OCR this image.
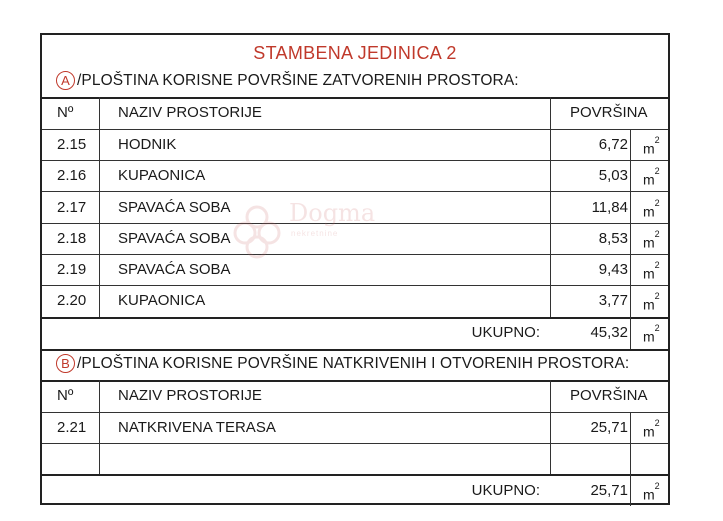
STAMBENA JEDINICA 2
A /PLOŠTINA KORISNE POVRŠINE ZATVORENIH PROSTORA:
Nº	NAZIV PROSTORIJE	POVRŠINA
2.15 HODNIK	6,72 $m^2$
2.16 KUPAONICA	5,03 $m^2$
2.17 SPAVAĆA SOBA	11,84 $m^2$
2.18 SPAVAĆA SOBA	8,53 $m^2$
2.19 SPAVAĆA SOBA	9,43 $m^2$
2.20 KUPAONICA	3,77 $m^2$
UKUPNO:	45,32 $m^2$
B /PLOŠTINA KORISNE POVRŠINE NATKRIVENIH I OTVORENIH PROSTORA:
Nº	NAZIV PROSTORIJE	POVRŠINA
2.21 NATKRIVENA TERASA	25,71 $m^2$
UKUPNO:	25,71 $m^2$
Dogma
nekretnine
